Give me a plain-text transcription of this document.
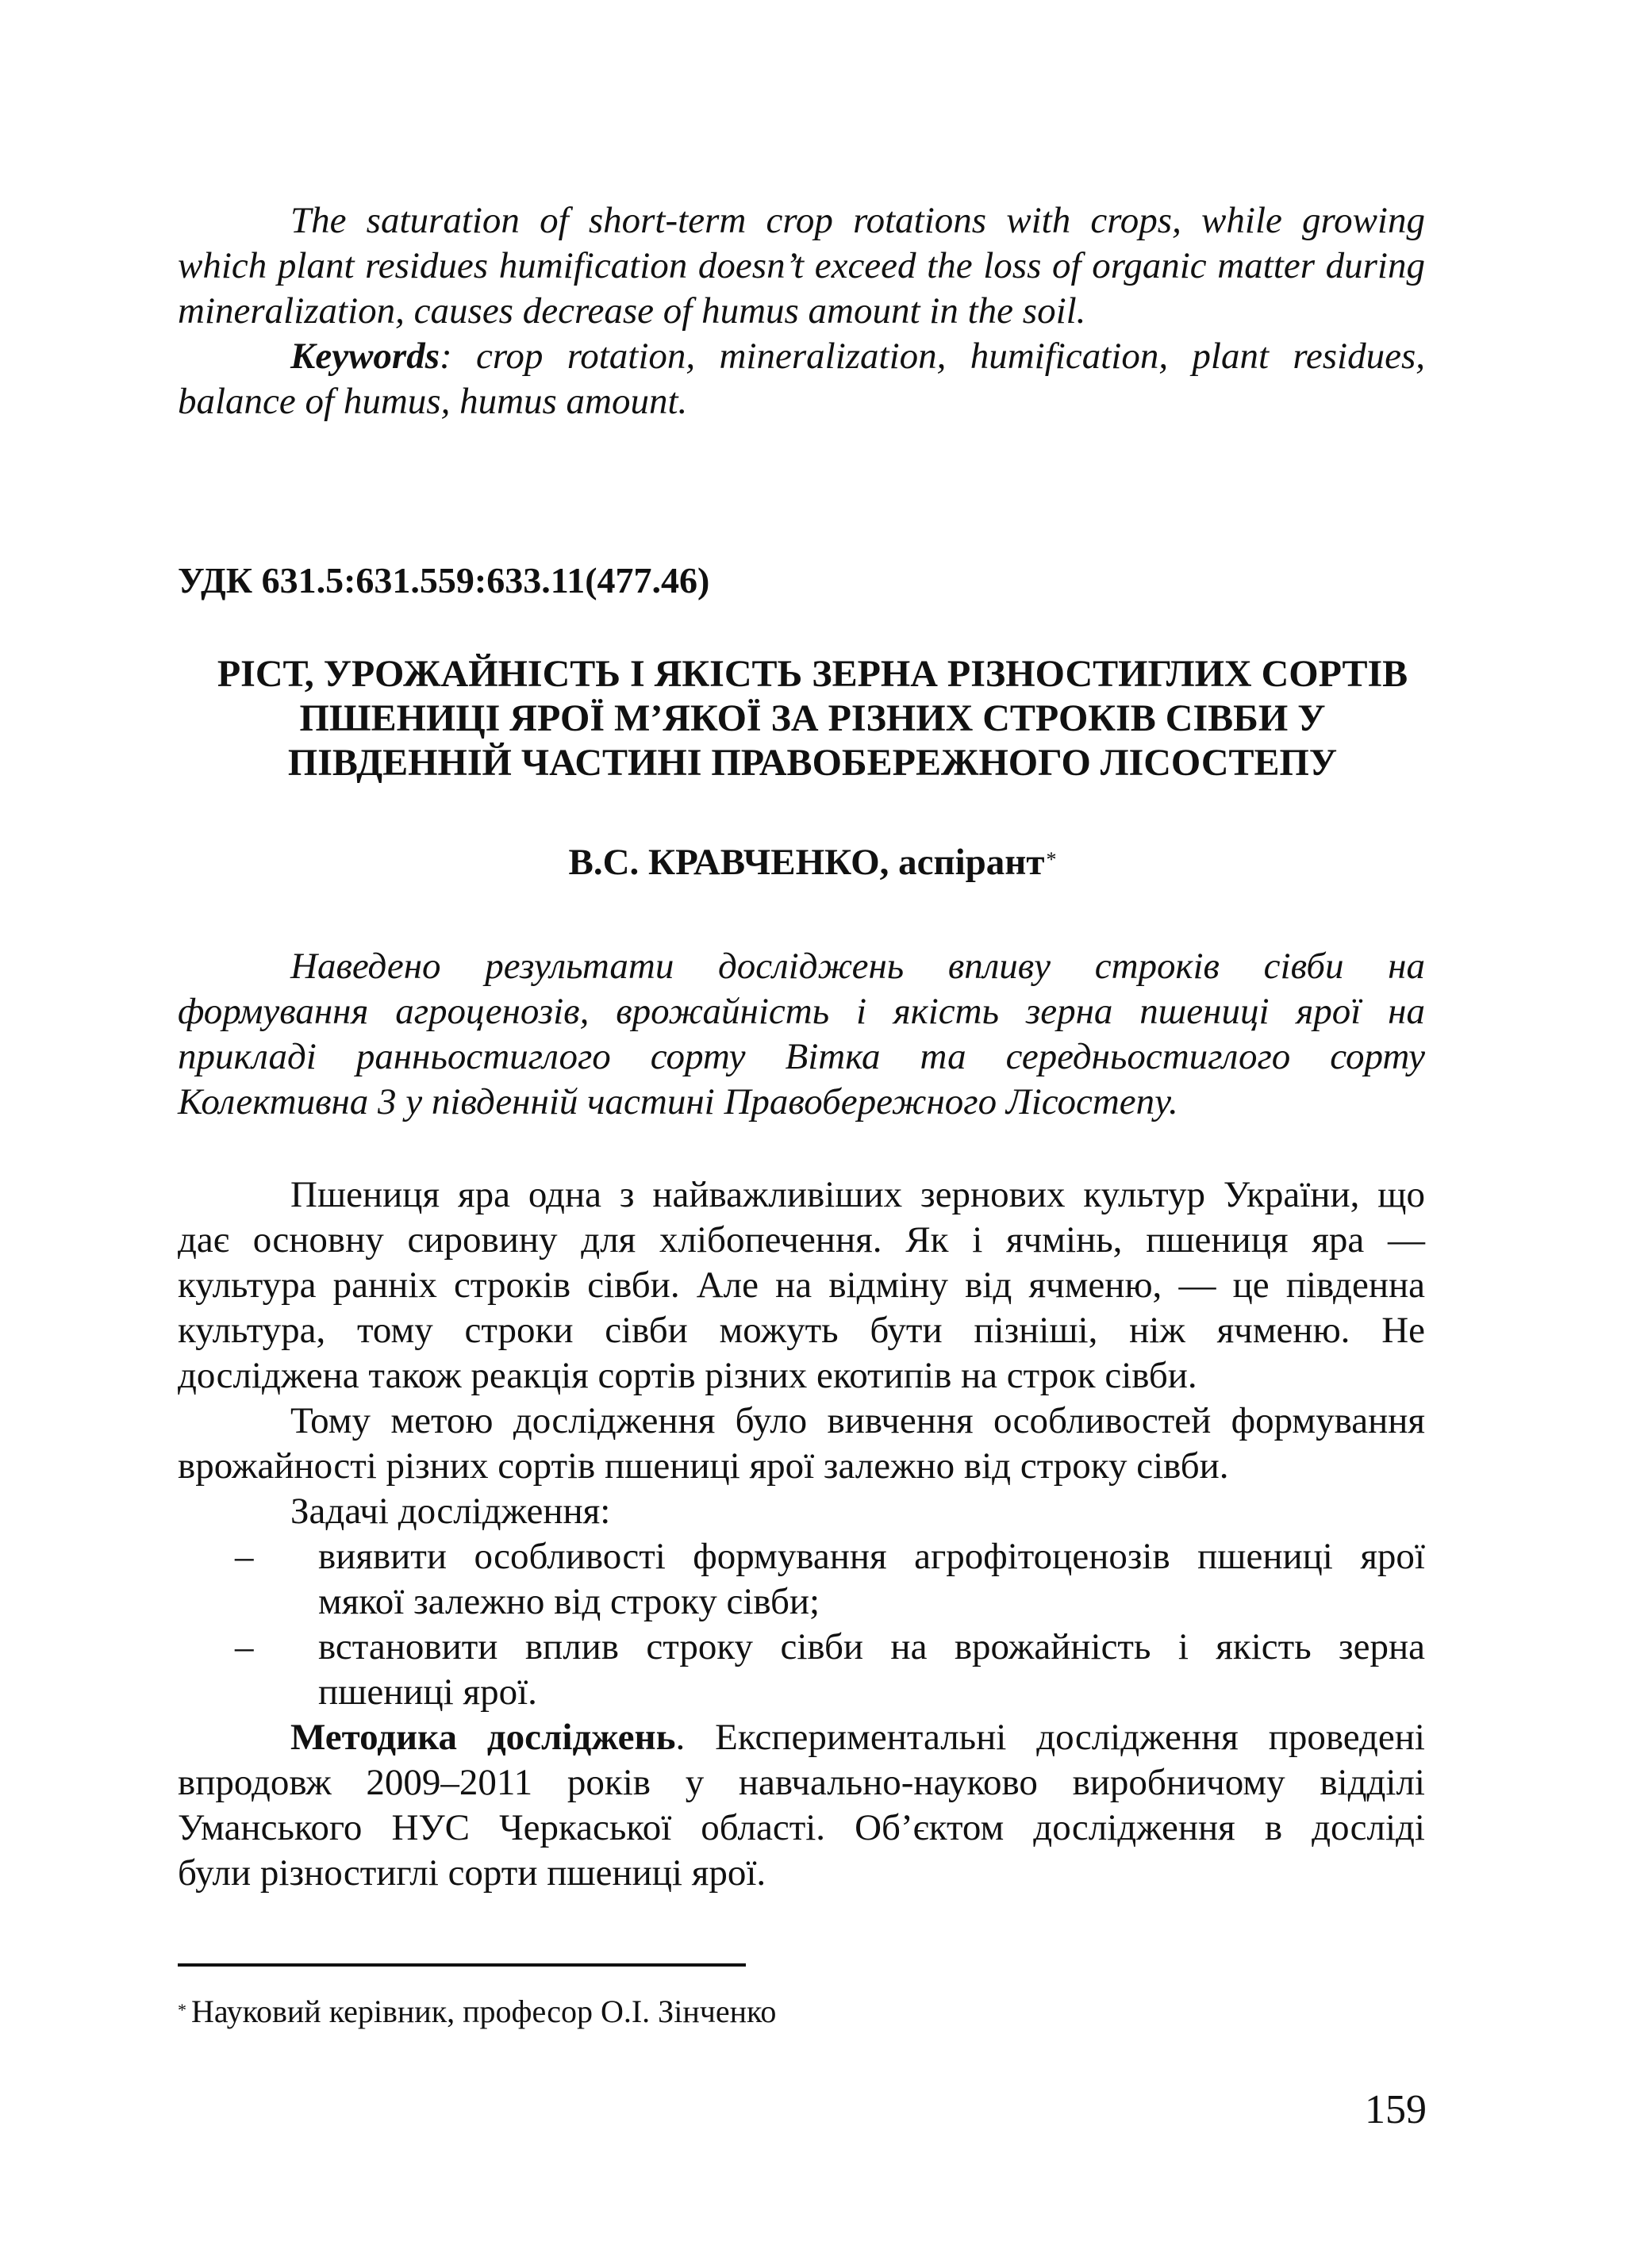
The saturation of short-term crop rotations with crops, while growing

which plant residues humification doesn’t exceed the loss of organic matter during

mineralization, causes decrease of humus amount in the soil.

Keywords: crop rotation, mineralization, humification, plant residues,

balance of humus, humus amount.

УДК 631.5:631.559:633.11(477.46)
РІСТ, УРОЖАЙНІСТЬ І ЯКІСТЬ ЗЕРНА РІЗНОСТИГЛИХ СОРТІВ
ПШЕНИЦІ ЯРОЇ М’ЯКОЇ ЗА РІЗНИХ СТРОКІВ СІВБИ У
ПІВДЕННІЙ ЧАСТИНІ ПРАВОБЕРЕЖНОГО ЛІСОСТЕПУ
В.С. КРАВЧЕНКО, аспірант*

Наведено результати досліджень впливу строків сівби на

формування агроценозів, врожайність і якість зерна пшениці ярої на

прикладі ранньостиглого сорту Вітка та середньостиглого сорту

Колективна 3 у південній частині Правобережного Лісостепу.

Пшениця яра одна з найважливіших зернових культур України, що

дає основну сировину для хлібопечення. Як і ячмінь, пшениця яра —

культура ранніх строків сівби. Але на відміну від ячменю, — це південна

культура, тому строки сівби можуть бути пізніші, ніж ячменю. Не

досліджена також реакція сортів різних екотипів на строк сівби.

Тому метою дослідження було вивчення особливостей формування

врожайності різних сортів пшениці ярої залежно від строку сівби.

Задачі дослідження:

– виявити особливості формування агрофітоценозів пшениці ярої

мякої залежно від строку сівби;

– встановити вплив строку сівби на врожайність і якість зерна

пшениці ярої.

Методика досліджень. Експериментальні дослідження проведені

впродовж 2009–2011 років у навчально-науково виробничому відділі

Уманського НУС Черкаської області. Об’єктом дослідження в досліді

були різностиглі сорти пшениці ярої.

* Науковий керівник, професор О.І. Зінченко
159
